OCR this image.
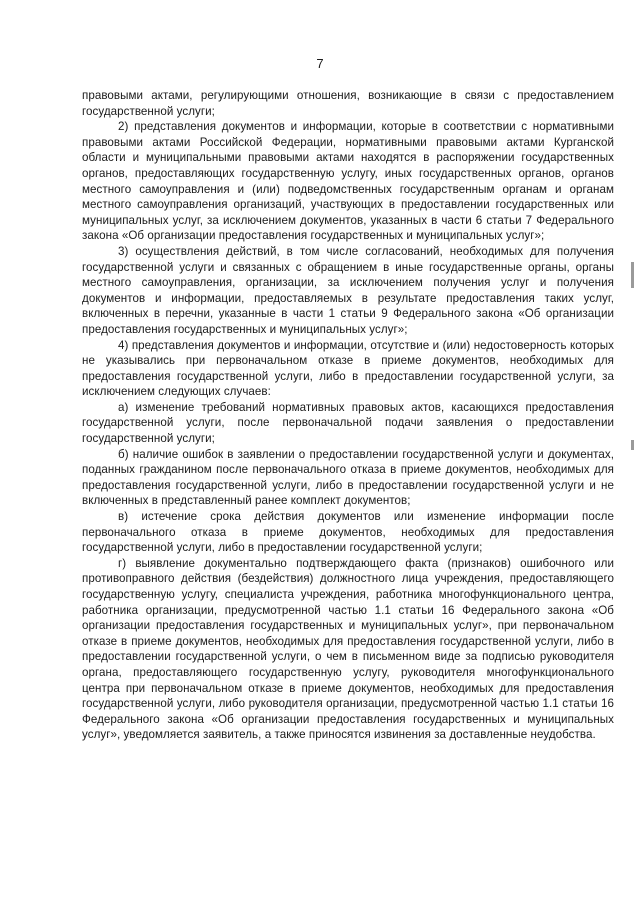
7

правовыми актами, регулирующими отношения, возникающие в связи с предоставлением государственной услуги;

2) представления документов и информации, которые в соответствии с нормативными правовыми актами Российской Федерации, нормативными правовыми актами Курганской области и муниципальными правовыми актами находятся в распоряжении государственных органов, предоставляющих государственную услугу, иных государственных органов, органов местного самоуправления и (или) подведомственных государственным органам и органам местного самоуправления организаций, участвующих в предоставлении государственных или муниципальных услуг, за исключением документов, указанных в части 6 статьи 7 Федерального закона «Об организации предоставления государственных и муниципальных услуг»;

3) осуществления действий, в том числе согласований, необходимых для получения государственной услуги и связанных с обращением в иные государственные органы, органы местного самоуправления, организации, за исключением получения услуг и получения документов и информации, предоставляемых в результате предоставления таких услуг, включенных в перечни, указанные в части 1 статьи 9 Федерального закона «Об организации предоставления государственных и муниципальных услуг»;

4) представления документов и информации, отсутствие и (или) недостоверность которых не указывались при первоначальном отказе в приеме документов, необходимых для предоставления государственной услуги, либо в предоставлении государственной услуги, за исключением следующих случаев:

а) изменение требований нормативных правовых актов, касающихся предоставления государственной услуги, после первоначальной подачи заявления о предоставлении государственной услуги;

б) наличие ошибок в заявлении о предоставлении государственной услуги и документах, поданных гражданином после первоначального отказа в приеме документов, необходимых для предоставления государственной услуги, либо в предоставлении государственной услуги и не включенных в представленный ранее комплект документов;

в) истечение срока действия документов или изменение информации после первоначального отказа в приеме документов, необходимых для предоставления государственной услуги, либо в предоставлении государственной услуги;

г) выявление документально подтверждающего факта (признаков) ошибочного или противоправного действия (бездействия) должностного лица учреждения, предоставляющего государственную услугу, специалиста учреждения, работника многофункционального центра, работника организации, предусмотренной частью 1.1 статьи 16 Федерального закона «Об организации предоставления государственных и муниципальных услуг», при первоначальном отказе в приеме документов, необходимых для предоставления государственной услуги, либо в предоставлении государственной услуги, о чем в письменном виде за подписью руководителя органа, предоставляющего государственную услугу, руководителя многофункционального центра при первоначальном отказе в приеме документов, необходимых для предоставления государственной услуги, либо руководителя организации, предусмотренной частью 1.1 статьи 16 Федерального закона «Об организации предоставления государственных и муниципальных услуг», уведомляется заявитель, а также приносятся извинения за доставленные неудобства.
